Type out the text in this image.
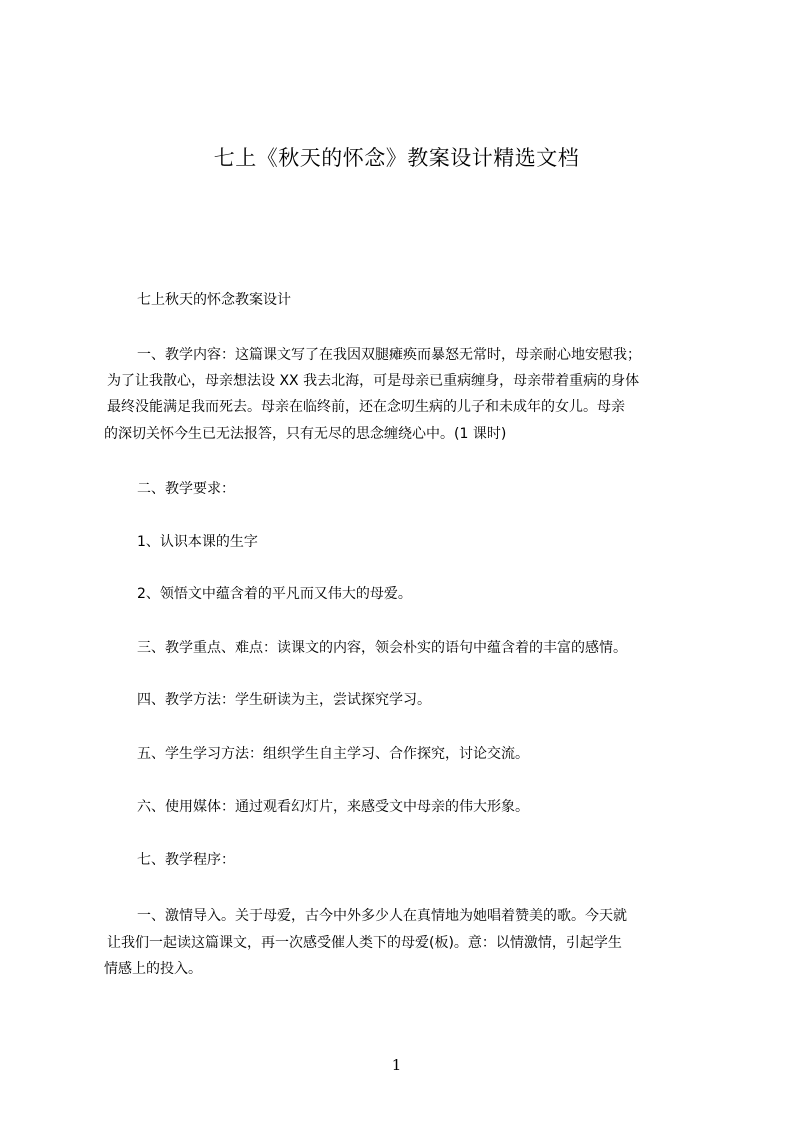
七上《秋天的怀念》教案设计精选文档
七上秋天的怀念教案设计
一、教学内容：这篇课文写了在我因双腿瘫痪而暴怒无常时，母亲耐心地安慰我；
为了让我散心，母亲想法设 XX 我去北海，可是母亲已重病缠身，母亲带着重病的身体
最终没能满足我而死去。母亲在临终前，还在念叨生病的儿子和未成年的女儿。母亲
的深切关怀今生已无法报答，只有无尽的思念缠绕心中。(1 课时)
二、教学要求：
1、认识本课的生字
2、领悟文中蕴含着的平凡而又伟大的母爱。
三、教学重点、难点：读课文的内容，领会朴实的语句中蕴含着的丰富的感情。
四、教学方法：学生研读为主，尝试探究学习。
五、学生学习方法：组织学生自主学习、合作探究，讨论交流。
六、使用媒体：通过观看幻灯片，来感受文中母亲的伟大形象。
七、教学程序：
一、激情导入。关于母爱，古今中外多少人在真情地为她唱着赞美的歌。今天就
让我们一起读这篇课文，再一次感受催人类下的母爱(板)。意：以情激情，引起学生
情感上的投入。
1
